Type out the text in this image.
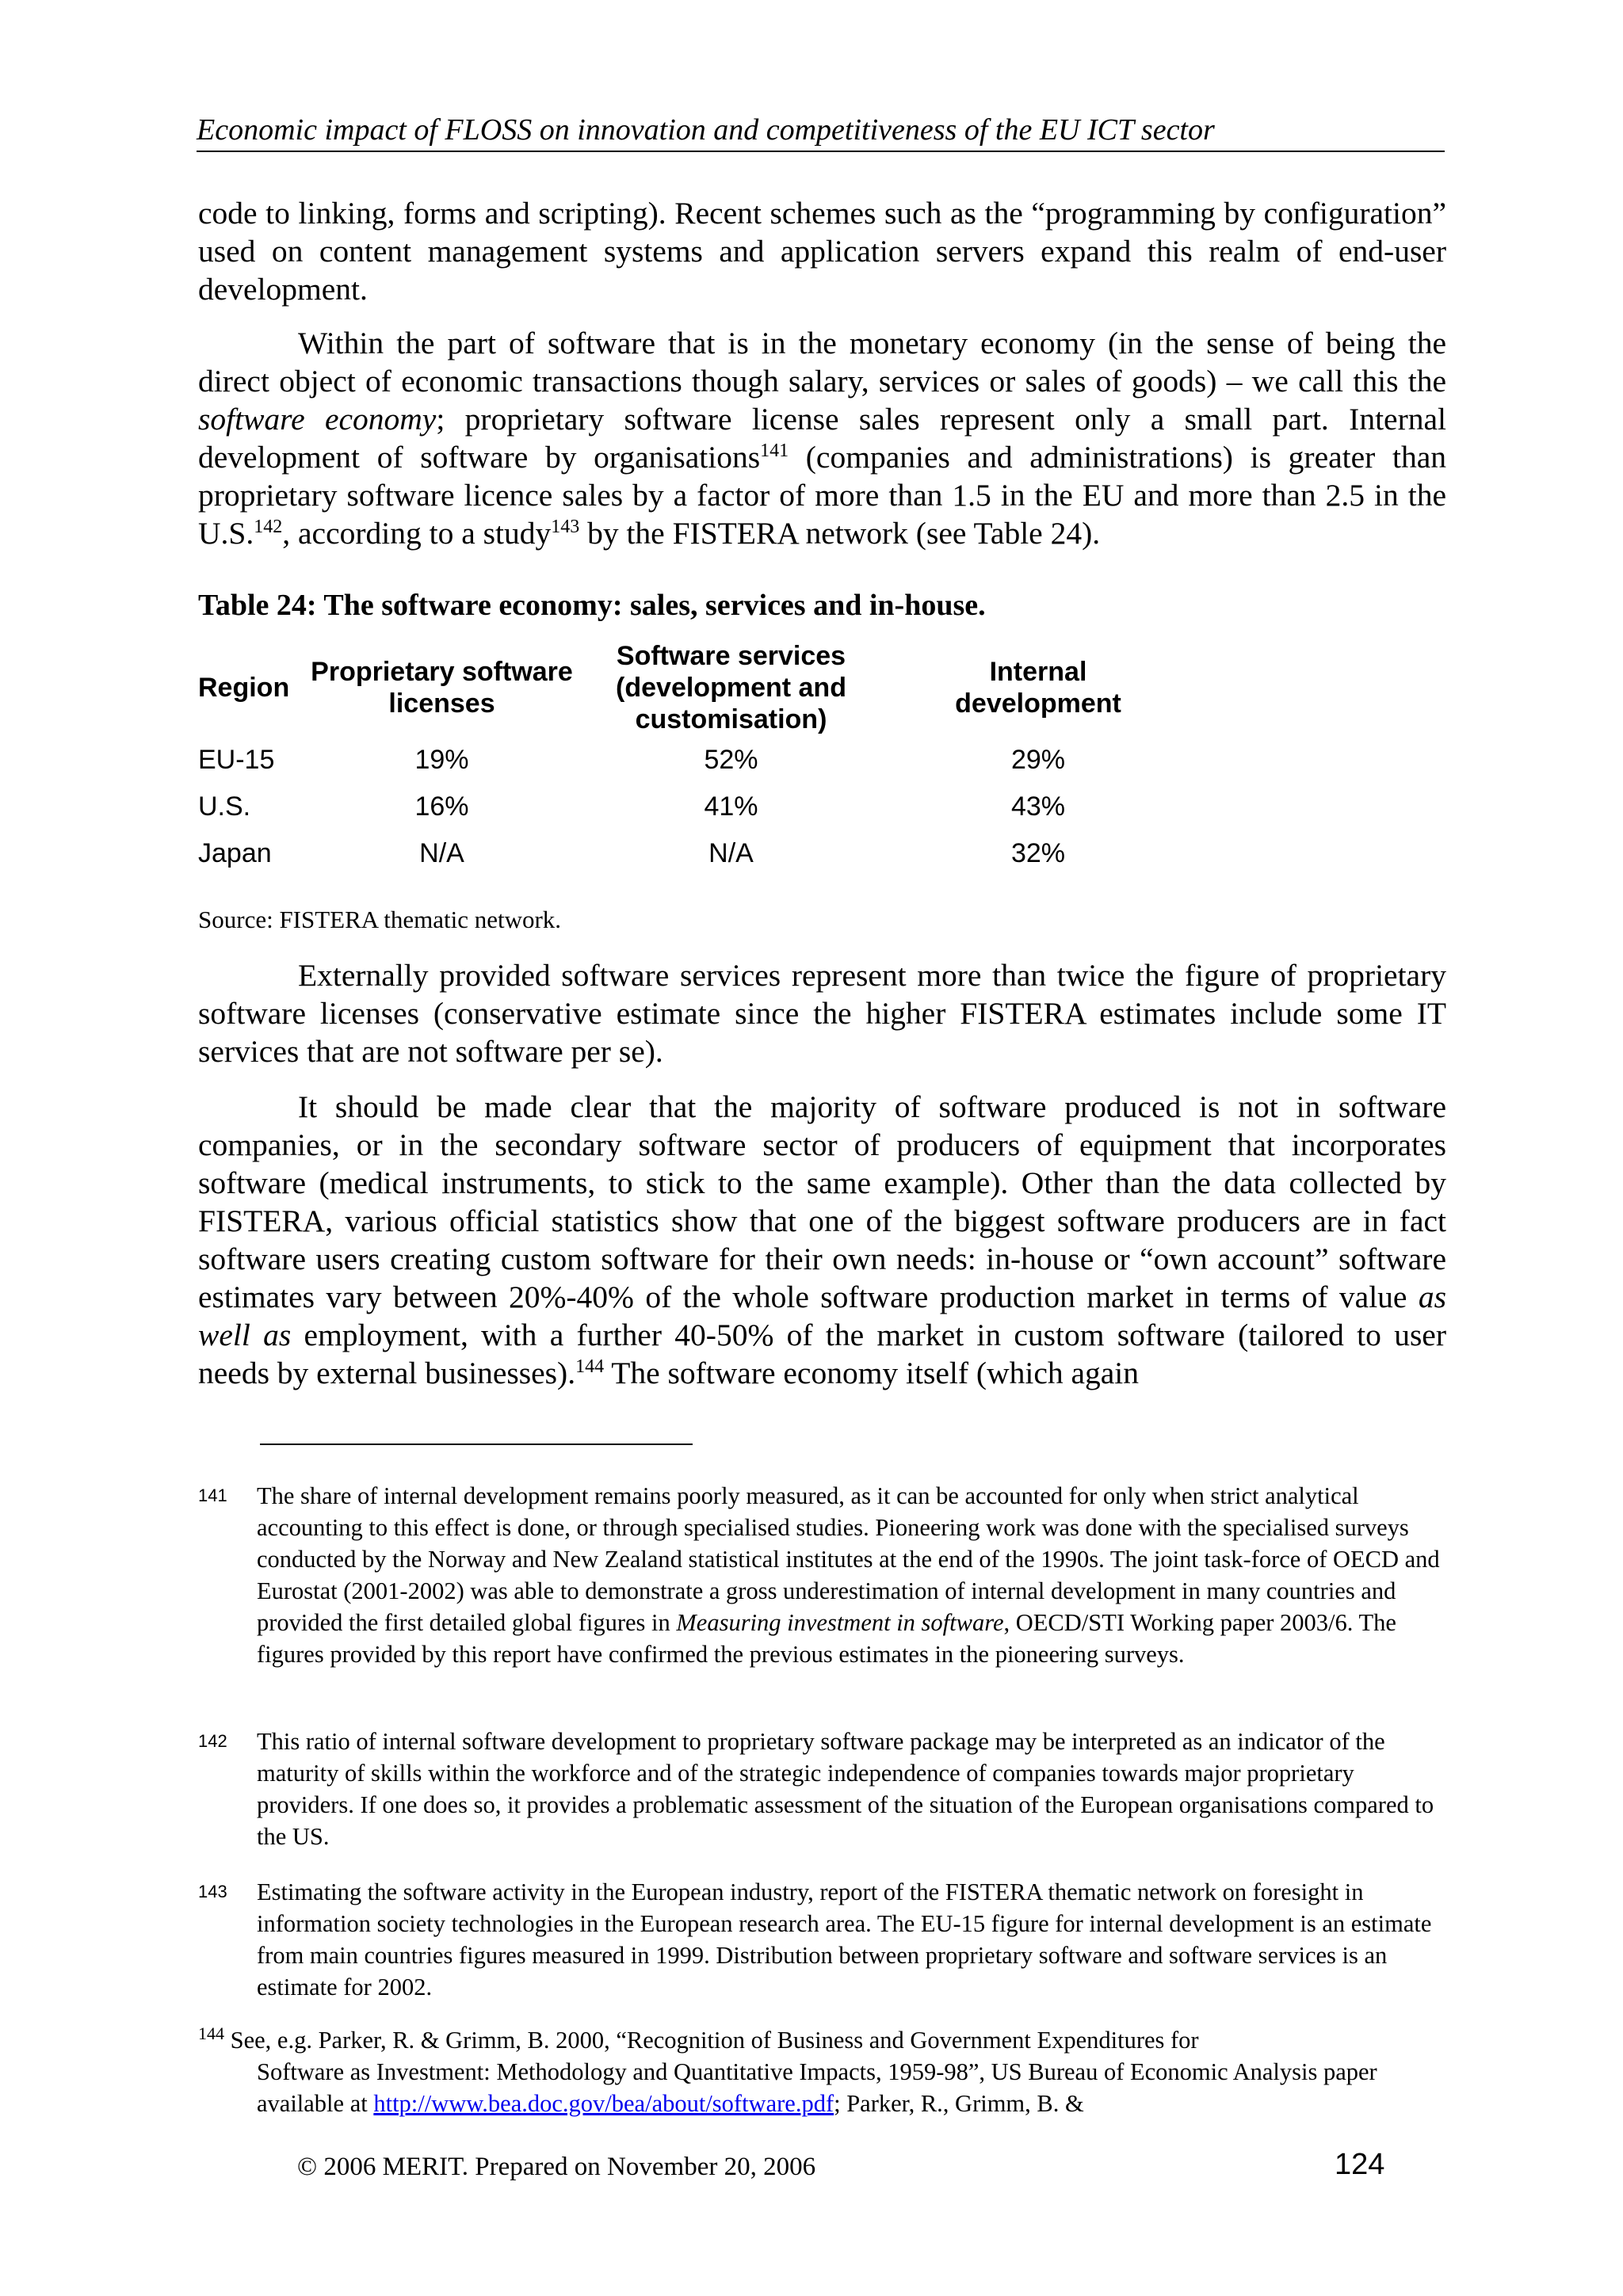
Economic impact of FLOSS on innovation and competitiveness of the EU ICT sector

code to linking, forms and scripting). Recent schemes such as the “programming by configuration” used on content management systems and application servers expand this realm of end-user development.

Within the part of software that is in the monetary economy (in the sense of being the direct object of economic transactions though salary, services or sales of goods) – we call this the software economy; proprietary software license sales represent only a small part. Internal development of software by organisations$^{141}$ (companies and administrations) is greater than proprietary software licence sales by a factor of more than 1.5 in the EU and more than 2.5 in the U.S.$^{142}$, according to a study$^{143}$ by the FISTERA network (see Table 24).

Table 24: The software economy: sales, services and in-house.
Region	Proprietary software licenses	Software services (development and customisation)	Internal development

EU-15	19%	52%	29%
U.S.	16%	41%	43%
Japan	N/A	N/A	32%
Source: FISTERA thematic network.

Externally provided software services represent more than twice the figure of proprietary software licenses (conservative estimate since the higher FISTERA estimates include some IT services that are not software per se).

It should be made clear that the majority of software produced is not in software companies, or in the secondary software sector of producers of equipment that incorporates software (medical instruments, to stick to the same example). Other than the data collected by FISTERA, various official statistics show that one of the biggest software producers are in fact software users creating custom software for their own needs: in-house or “own account” software estimates vary between 20%-40% of the whole software production market in terms of value as well as employment, with a further 40-50% of the market in custom software (tailored to user needs by external businesses).$^{144}$ The software economy itself (which again

141 The share of internal development remains poorly measured, as it can be accounted for only when strict analytical accounting to this effect is done, or through specialised studies. Pioneering work was done with the specialised surveys conducted by the Norway and New Zealand statistical institutes at the end of the 1990s. The joint task-force of OECD and Eurostat (2001-2002) was able to demonstrate a gross underestimation of internal development in many countries and provided the first detailed global figures in Measuring investment in software, OECD/STI Working paper 2003/6. The figures provided by this report have confirmed the previous estimates in the pioneering surveys.
142 This ratio of internal software development to proprietary software package may be interpreted as an indicator of the maturity of skills within the workforce and of the strategic independence of companies towards major proprietary providers. If one does so, it provides a problematic assessment of the situation of the European organisations compared to the US.
143 Estimating the software activity in the European industry, report of the FISTERA thematic network on foresight in information society technologies in the European research area. The EU-15 figure for internal development is an estimate from main countries figures measured in 1999. Distribution between proprietary software and software services is an estimate for 2002.
$^{144}$ See, e.g. Parker, R. & Grimm, B. 2000, “Recognition of Business and Government Expenditures for
Software as Investment: Methodology and Quantitative Impacts, 1959-98”, US Bureau of Economic Analysis paper available at http://www.bea.doc.gov/bea/about/software.pdf; Parker, R., Grimm, B. &
© 2006 MERIT. Prepared on November 20, 2006	124
